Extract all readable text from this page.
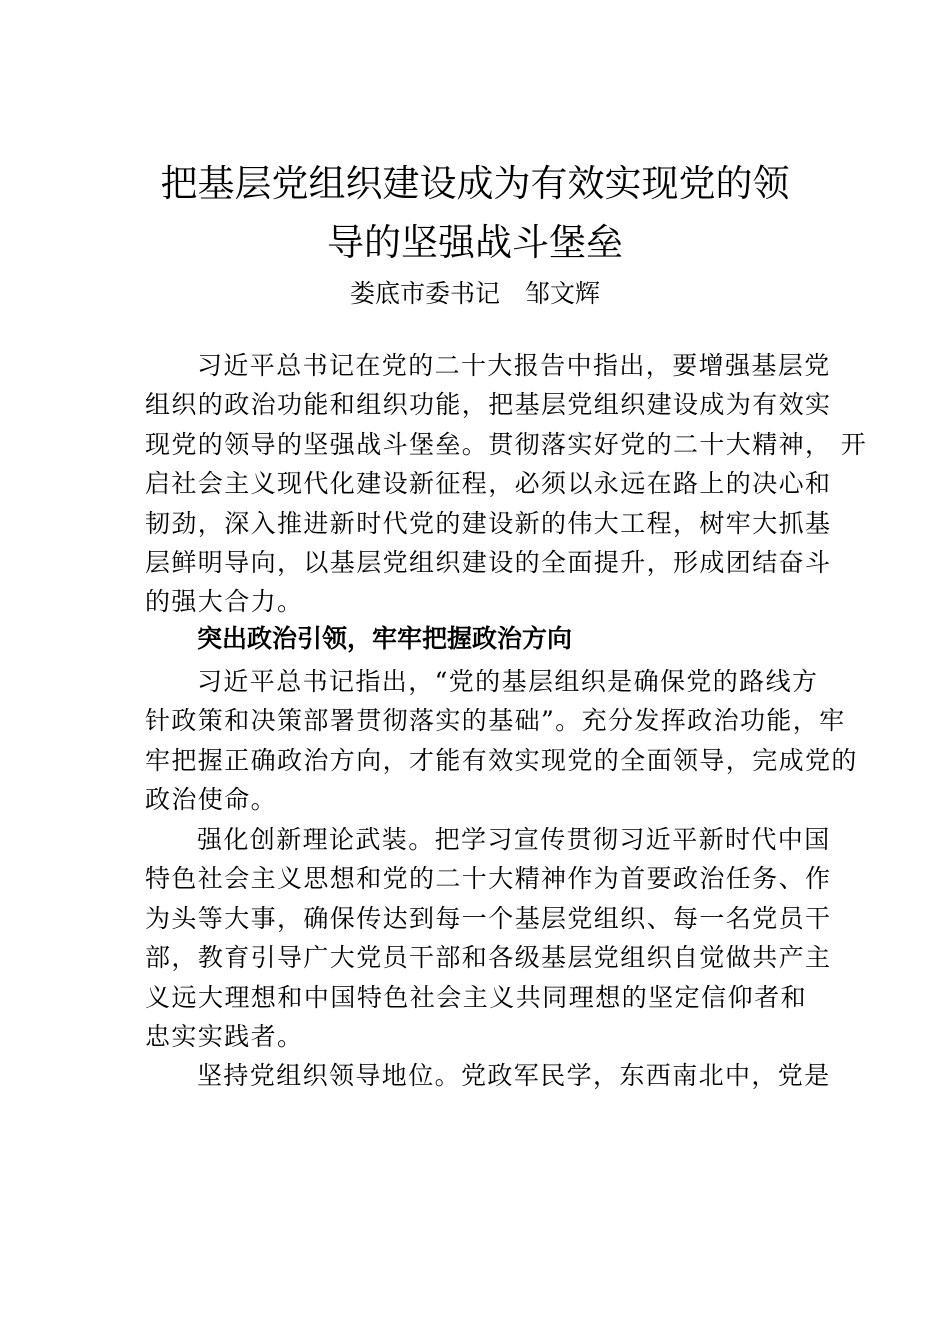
把基层党组织建设成为有效实现党的领
导的坚强战斗堡垒
娄底市委书记　邹文辉
习近平总书记在党的二十大报告中指出，要增强基层党
组织的政治功能和组织功能，把基层党组织建设成为有效实
现党的领导的坚强战斗堡垒。贯彻落实好党的二十大精神， 开
启社会主义现代化建设新征程，必须以永远在路上的决心和
韧劲，深入推进新时代党的建设新的伟大工程，树牢大抓基
层鲜明导向，以基层党组织建设的全面提升，形成团结奋斗
的强大合力。
突出政治引领，牢牢把握政治方向
习近平总书记指出，“党的基层组织是确保党的路线方
针政策和决策部署贯彻落实的基础”。充分发挥政治功能，牢
牢把握正确政治方向，才能有效实现党的全面领导，完成党的
政治使命。
强化创新理论武装。把学习宣传贯彻习近平新时代中国
特色社会主义思想和党的二十大精神作为首要政治任务、作
为头等大事，确保传达到每一个基层党组织、每一名党员干
部，教育引导广大党员干部和各级基层党组织自觉做共产主
义远大理想和中国特色社会主义共同理想的坚定信仰者和
忠实实践者。
坚持党组织领导地位。党政军民学，东西南北中，党是
